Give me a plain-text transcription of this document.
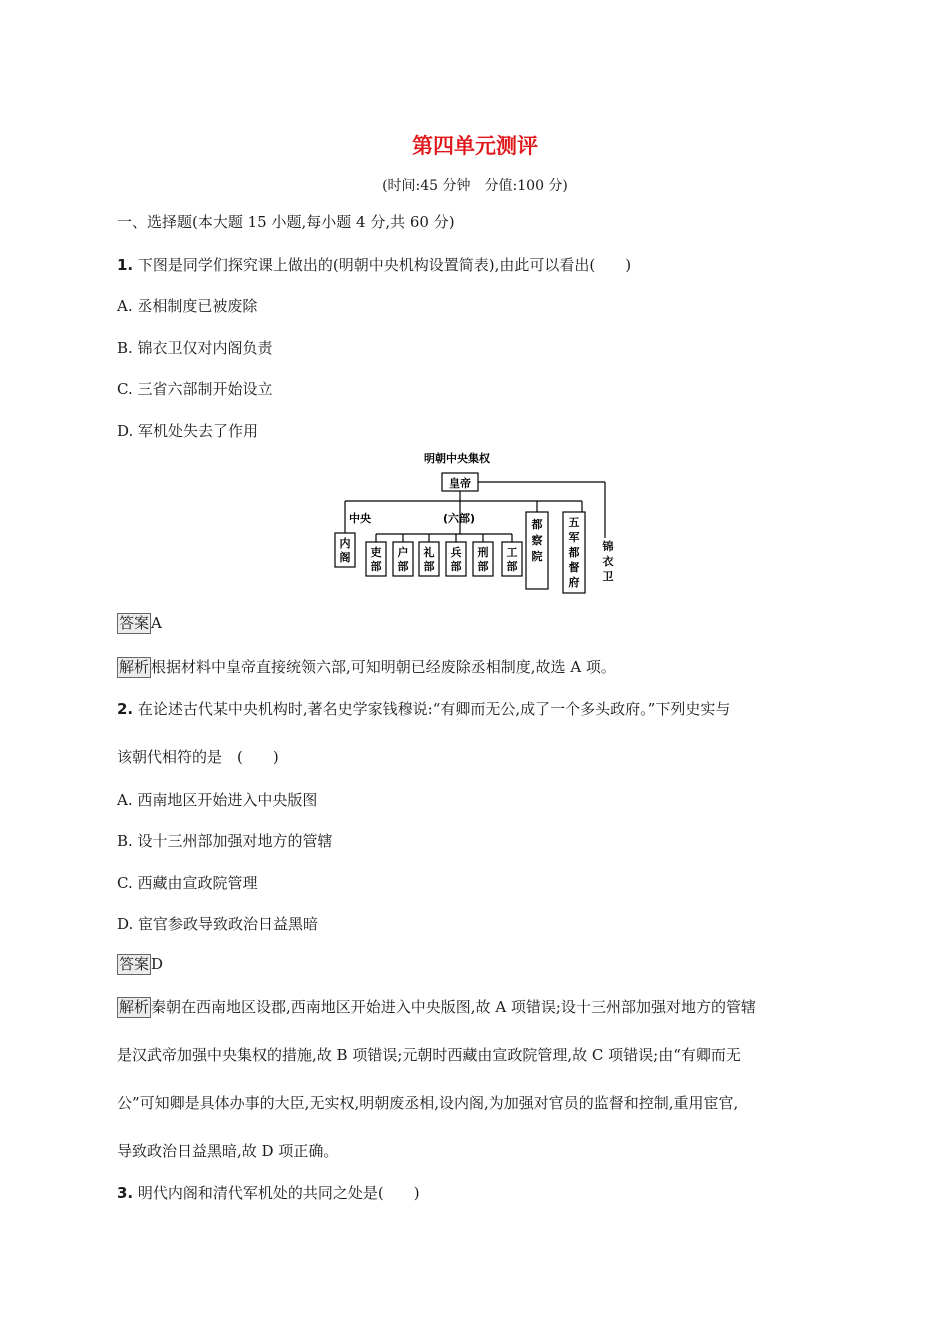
第四单元测评
(时间:45 分钟　分值:100 分)
一、选择题(本大题 15 小题,每小题 4 分,共 60 分)
1. 下图是同学们探究课上做出的(明朝中央机构设置简表),由此可以看出(　　)
A. 丞相制度已被废除
B. 锦衣卫仅对内阁负责
C. 三省六部制开始设立
D. 军机处失去了作用
明朝中央集权
皇帝
中央	(六部)
内阁 吏部
户部
礼部
兵部
刑部
工部
都察院
五军都督府
锦衣卫
答案 A
解析 根据材料中皇帝直接统领六部,可知明朝已经废除丞相制度,故选 A 项。
2. 在论述古代某中央机构时,著名史学家钱穆说:“有卿而无公,成了一个多头政府。”下列史实与
该朝代相符的是　(　　)
A. 西南地区开始进入中央版图
B. 设十三州部加强对地方的管辖
C. 西藏由宣政院管理
D. 宦官参政导致政治日益黑暗
答案 D
解析 秦朝在西南地区设郡,西南地区开始进入中央版图,故 A 项错误;设十三州部加强对地方的管辖
是汉武帝加强中央集权的措施,故 B 项错误;元朝时西藏由宣政院管理,故 C 项错误;由“有卿而无
公”可知卿是具体办事的大臣,无实权,明朝废丞相,设内阁,为加强对官员的监督和控制,重用宦官,
导致政治日益黑暗,故 D 项正确。
3. 明代内阁和清代军机处的共同之处是(　　)
